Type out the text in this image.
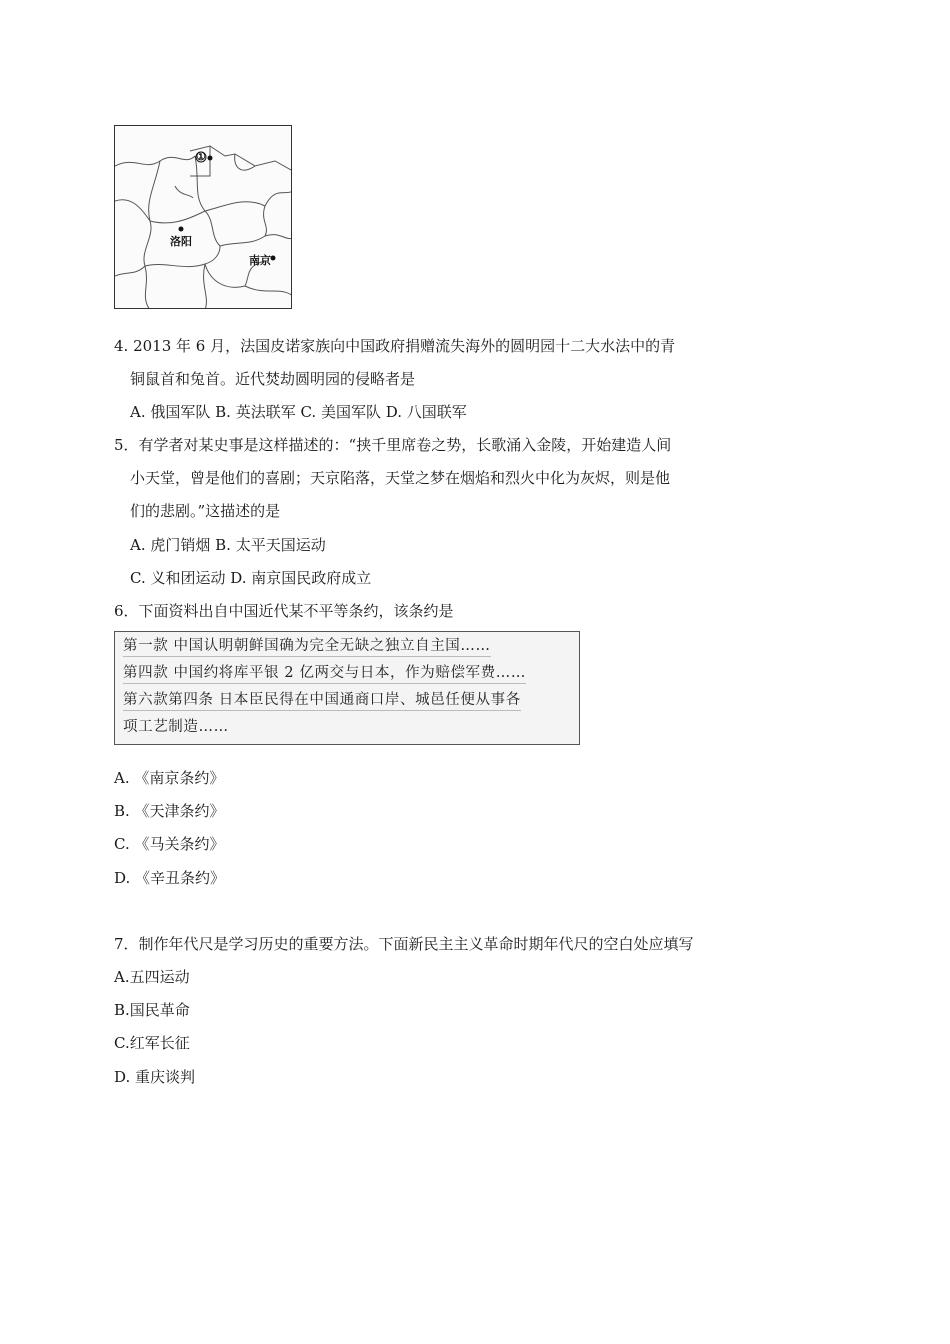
①
洛阳
南京
4. 2013 年 6 月，法国皮诺家族向中国政府捐赠流失海外的圆明园十二大水法中的青
铜鼠首和兔首。近代焚劫圆明园的侵略者是
A. 俄国军队 B. 英法联军 C. 美国军队 D. 八国联军
5．有学者对某史事是这样描述的：“挟千里席卷之势，长歌涌入金陵，开始建造人间
小天堂，曾是他们的喜剧；天京陷落，天堂之梦在烟焰和烈火中化为灰烬，则是他
们的悲剧。”这描述的是
A. 虎门销烟 B. 太平天国运动
C. 义和团运动 D. 南京国民政府成立
6．下面资料出自中国近代某不平等条约，该条约是
第一款 中国认明朝鲜国确为完全无缺之独立自主国……
第四款 中国约将库平银 2 亿两交与日本，作为赔偿军费……
第六款第四条 日本臣民得在中国通商口岸、城邑任便从事各
项工艺制造……
A. 《南京条约》
B. 《天津条约》
C. 《马关条约》
D. 《辛丑条约》
7．制作年代尺是学习历史的重要方法。下面新民主主义革命时期年代尺的空白处应填写
A.五四运动
B.国民革命
C.红军长征
D. 重庆谈判
